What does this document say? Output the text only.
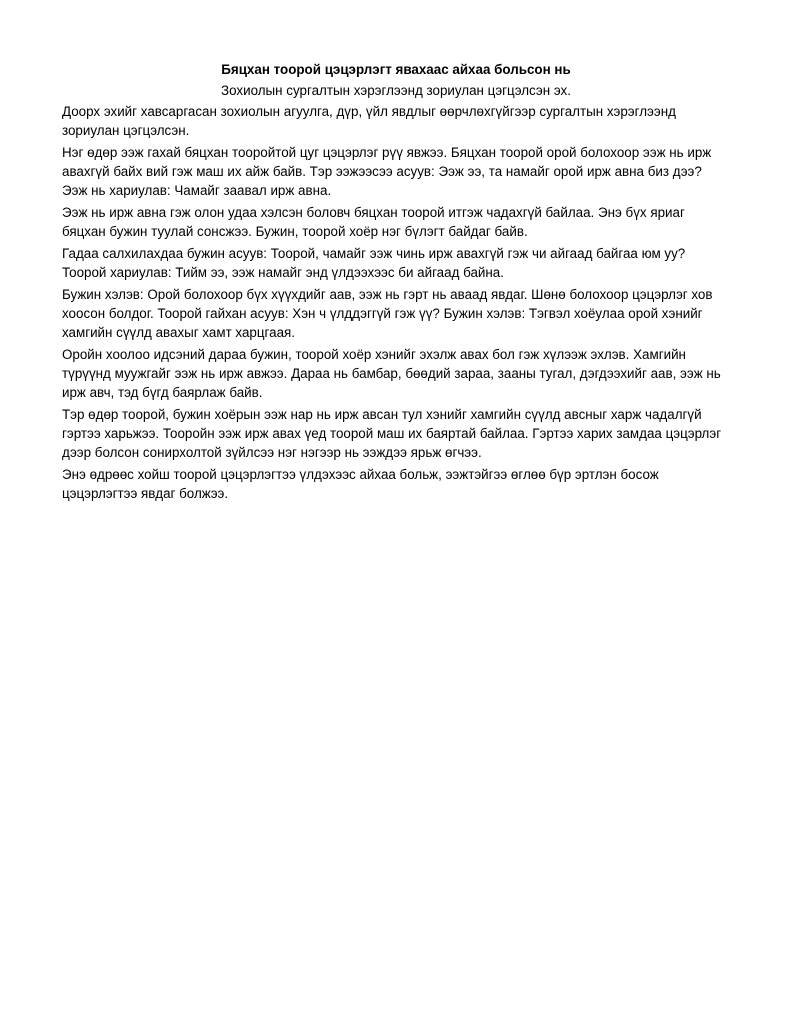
Бяцхан тоорой цэцэрлэгт явахаас айхаа больсон нь

Зохиолын сургалтын хэрэглээнд зориулан цэгцэлсэн эх.

Доорх эхийг хавсаргасан зохиолын агуулга, дүр, үйл явдлыг өөрчлөхгүйгээр сургалтын хэрэглээнд зориулан цэгцэлсэн.

Нэг өдөр ээж гахай бяцхан тооройтой цуг цэцэрлэг рүү явжээ. Бяцхан тоорой орой болохоор ээж нь ирж авахгүй байх вий гэж маш их айж байв. Тэр ээжээсээ асуув: Ээж ээ, та намайг орой ирж авна биз дээ? Ээж нь хариулав: Чамайг заавал ирж авна.

Ээж нь ирж авна гэж олон удаа хэлсэн боловч бяцхан тоорой итгэж чадахгүй байлаа. Энэ бүх яриаг бяцхан бужин туулай сонсжээ. Бужин, тоорой хоёр нэг бүлэгт байдаг байв.

Гадаа салхилахдаа бужин асуув: Тоорой, чамайг ээж чинь ирж авахгүй гэж чи айгаад байгаа юм уу? Тоорой хариулав: Тийм ээ, ээж намайг энд үлдээхээс би айгаад байна.

Бужин хэлэв: Орой болохоор бүх хүүхдийг аав, ээж нь гэрт нь аваад явдаг. Шөнө болохоор цэцэрлэг хов хоосон болдог. Тоорой гайхан асуув: Хэн ч үлддэггүй гэж үү? Бужин хэлэв: Тэгвэл хоёулаа орой хэнийг хамгийн сүүлд авахыг хамт харцгаая.

Оройн хоолоо идсэний дараа бужин, тоорой хоёр хэнийг эхэлж авах бол гэж хүлээж эхлэв. Хамгийн түрүүнд муужгайг ээж нь ирж авжээ. Дараа нь бамбар, бөөдий зараа, зааны тугал, дэгдээхийг аав, ээж нь ирж авч, тэд бүгд баярлаж байв.

Тэр өдөр тоорой, бужин хоёрын ээж нар нь ирж авсан тул хэнийг хамгийн сүүлд авсныг харж чадалгүй гэртээ харьжээ. Тооройн ээж ирж авах үед тоорой маш их баяртай байлаа. Гэртээ харих замдаа цэцэрлэг дээр болсон сонирхолтой зүйлсээ нэг нэгээр нь ээждээ ярьж өгчээ.

Энэ өдрөөс хойш тоорой цэцэрлэгтээ үлдэхээс айхаа больж, ээжтэйгээ өглөө бүр эртлэн босож цэцэрлэгтээ явдаг болжээ.
